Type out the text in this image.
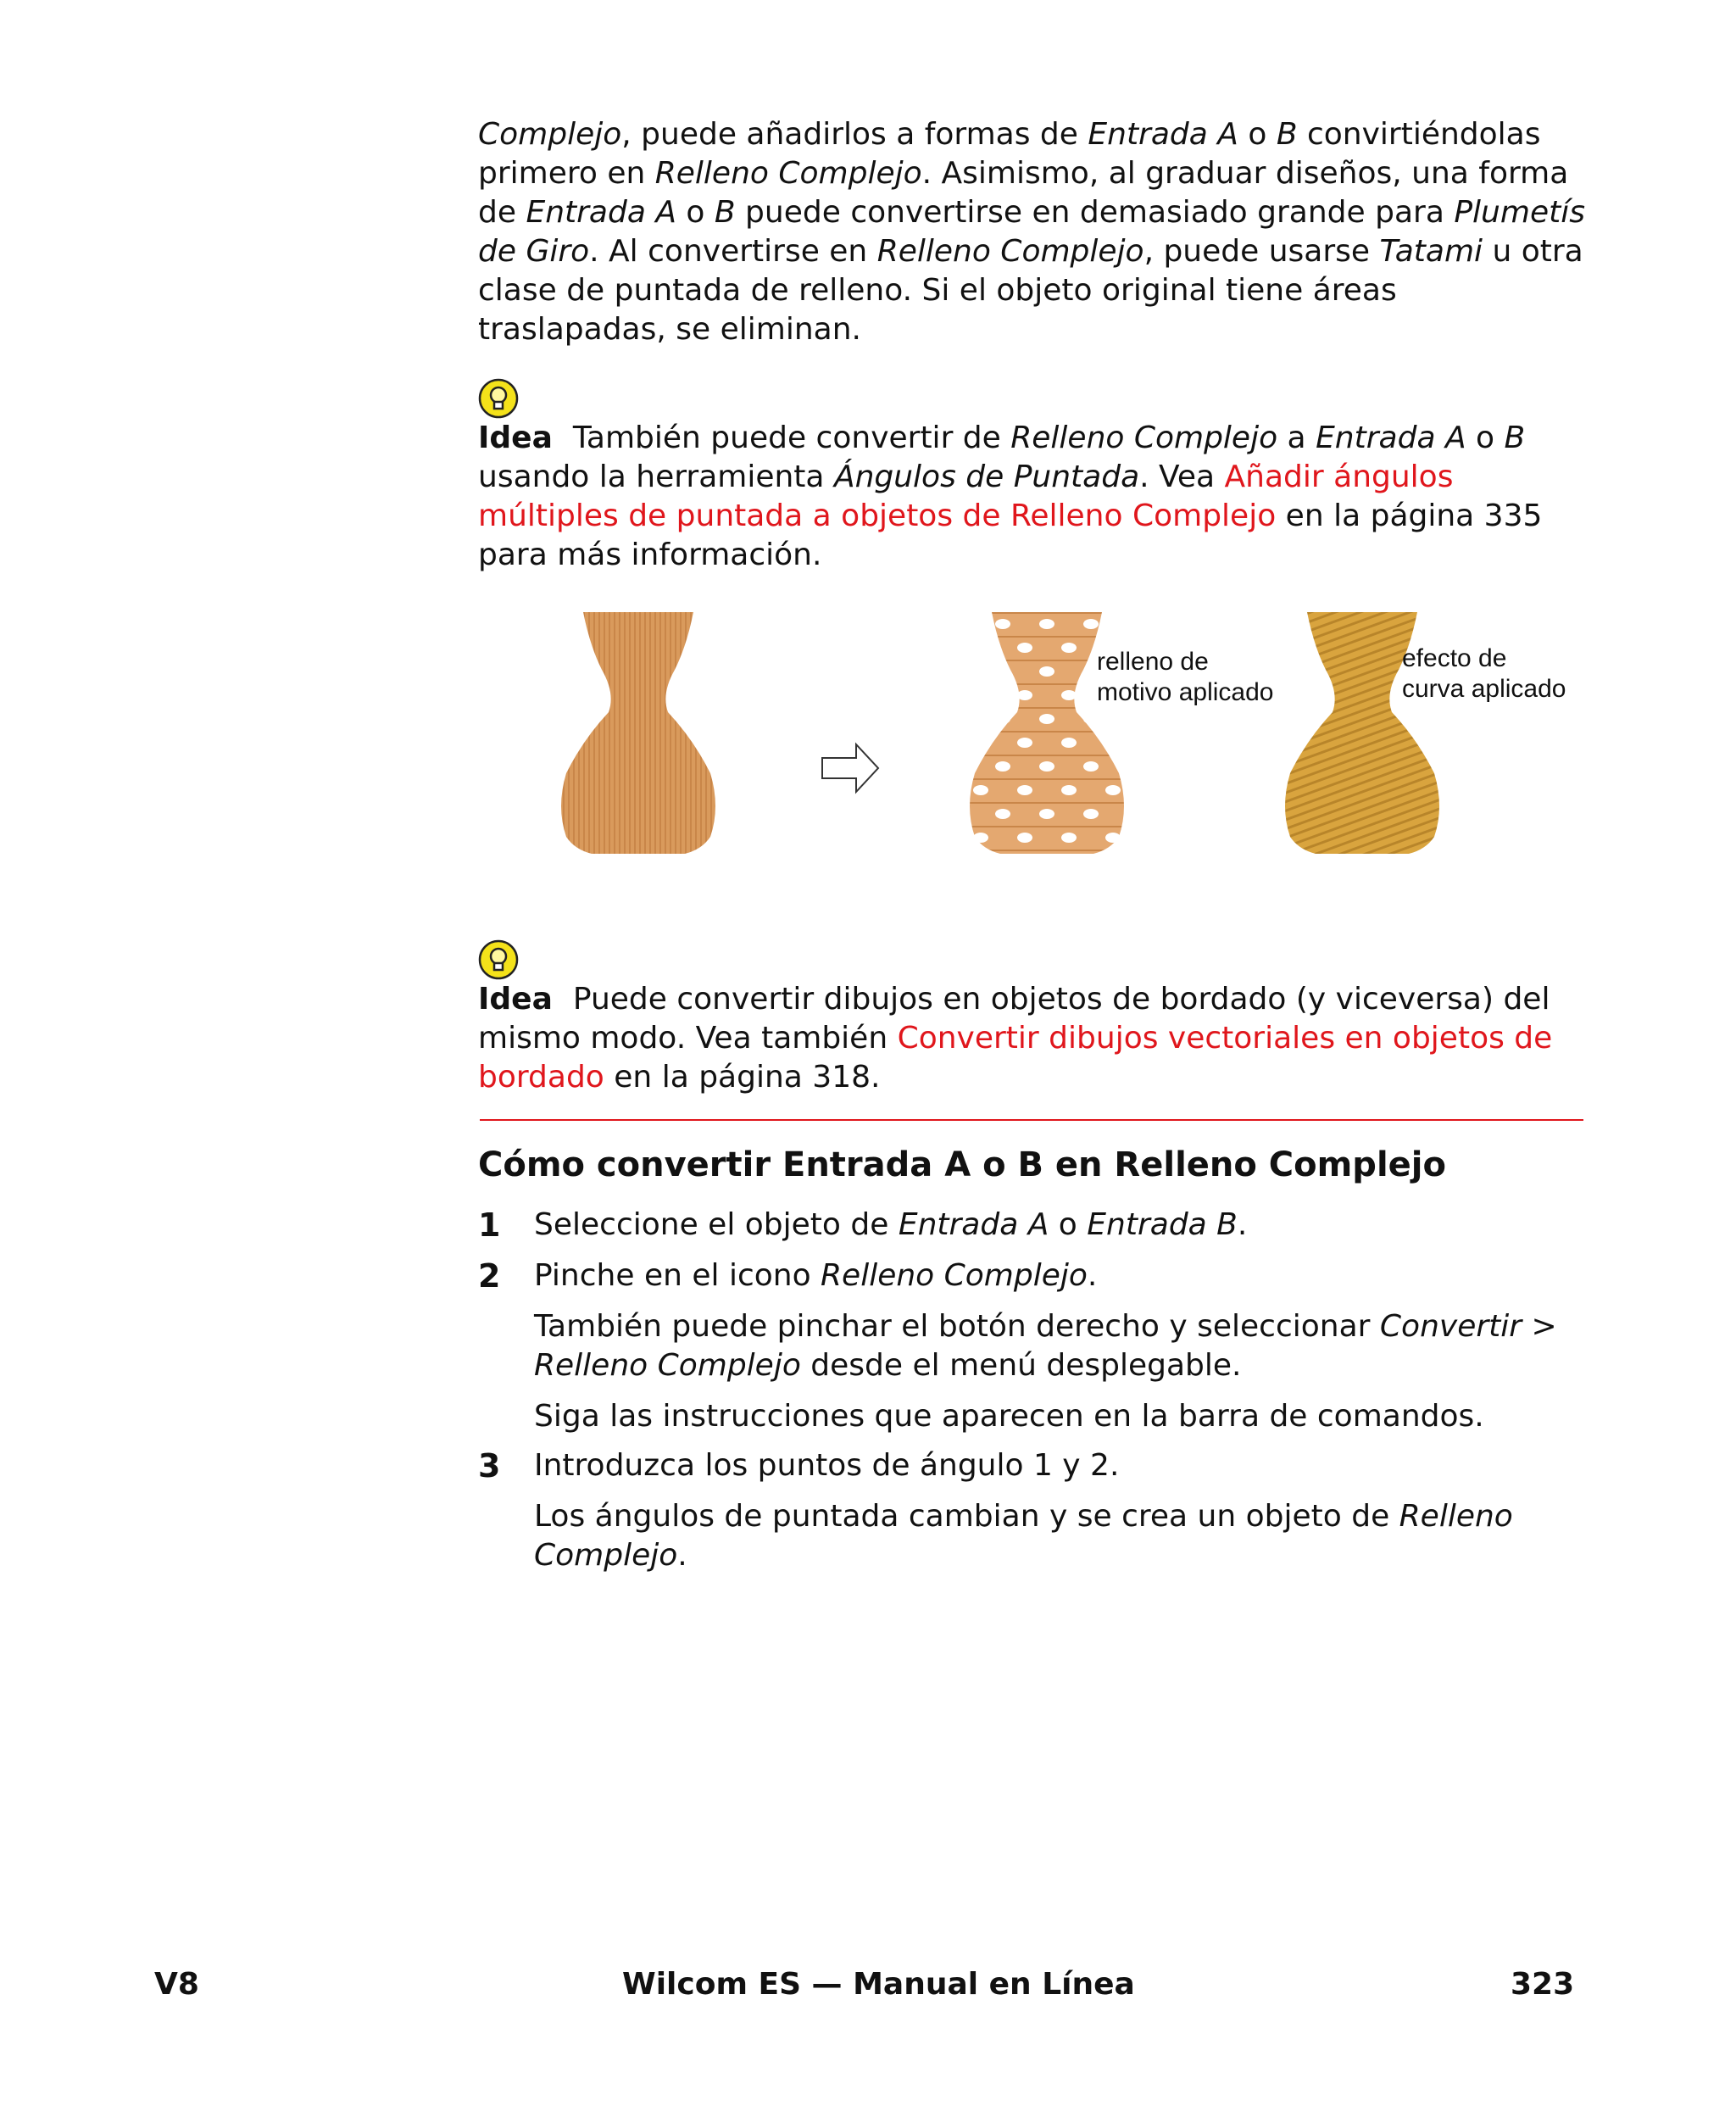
Complejo, puede añadirlos a formas de Entrada A o B convirtiéndolas primero en Relleno Complejo. Asimismo, al graduar diseños, una forma de Entrada A o B puede convertirse en demasiado grande para Plumetís de Giro. Al convertirse en Relleno Complejo, puede usarse Tatami u otra clase de puntada de relleno. Si el objeto original tiene áreas traslapadas, se eliminan.

Idea También puede convertir de Relleno Complejo a Entrada A o B usando la herramienta Ángulos de Puntada. Vea Añadir ángulos múltiples de puntada a objetos de Relleno Complejo en la página 335 para más información.

relleno de
motivo aplicado
efecto de
curva aplicado

Idea Puede convertir dibujos en objetos de bordado (y viceversa) del mismo modo. Vea también Convertir dibujos vectoriales en objetos de bordado en la página 318.

Cómo convertir Entrada A o B en Relleno Complejo
1 Seleccione el objeto de Entrada A o Entrada B.
2 Pinche en el icono Relleno Complejo.

También puede pinchar el botón derecho y seleccionar Convertir > Relleno Complejo desde el menú desplegable.

Siga las instrucciones que aparecen en la barra de comandos.

3 Introduzca los puntos de ángulo 1 y 2.

Los ángulos de puntada cambian y se crea un objeto de Relleno Complejo.

V8	Wilcom ES — Manual en Línea	323
